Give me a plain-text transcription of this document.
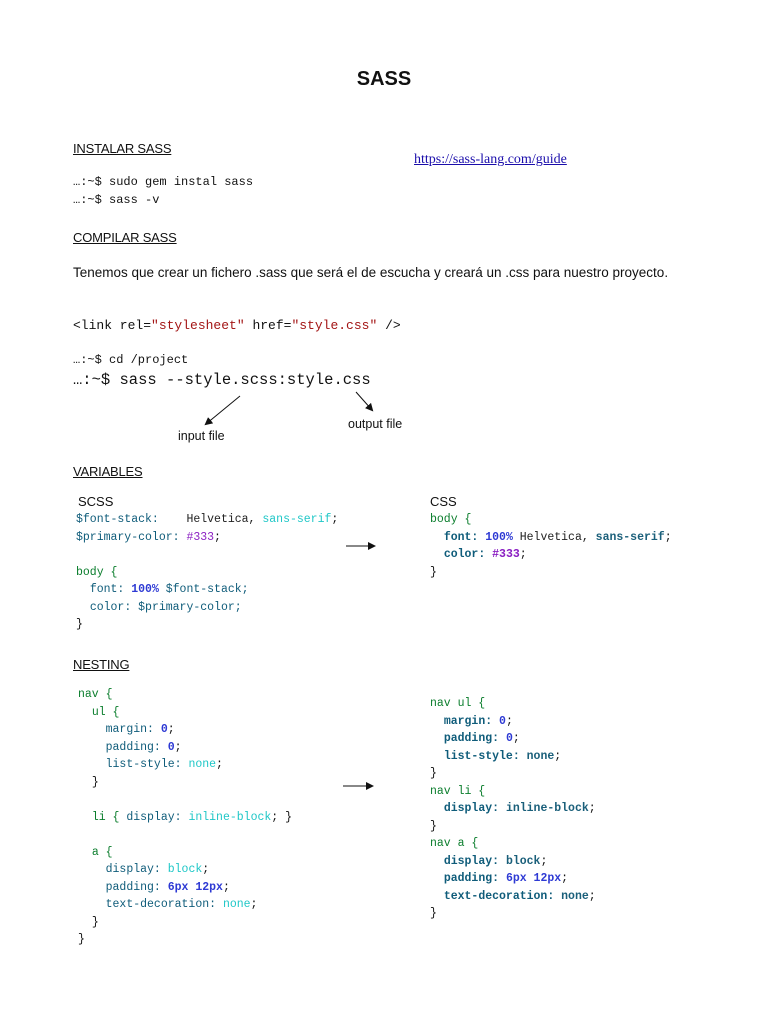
SASS
INSTALAR SASS
https://sass-lang.com/guide
…:~$ sudo gem instal sass
…:~$ sass -v
COMPILAR SASS
Tenemos que crear un fichero .sass que será el de escucha y creará un .css para nuestro proyecto.
<link rel="stylesheet" href="style.css" />
…:~$ cd /project
…:~$ sass --style.scss:style.css
input file
output file
VARIABLES
SCSS	CSS
$font-stack: Helvetica, sans-serif;
$primary-color: #333;

body {
font: 100% $font-stack;
color: $primary-color;
}
body {
font: 100% Helvetica, sans-serif;
color: #333;
}
NESTING
nav {
ul {
margin: 0;
padding: 0;
list-style: none;
}

li { display: inline-block; }

a {
display: block;
padding: 6px 12px;
text-decoration: none;
}
}
nav ul {
margin: 0;
padding: 0;
list-style: none;
}
nav li {
display: inline-block;
}
nav a {
display: block;
padding: 6px 12px;
text-decoration: none;
}
